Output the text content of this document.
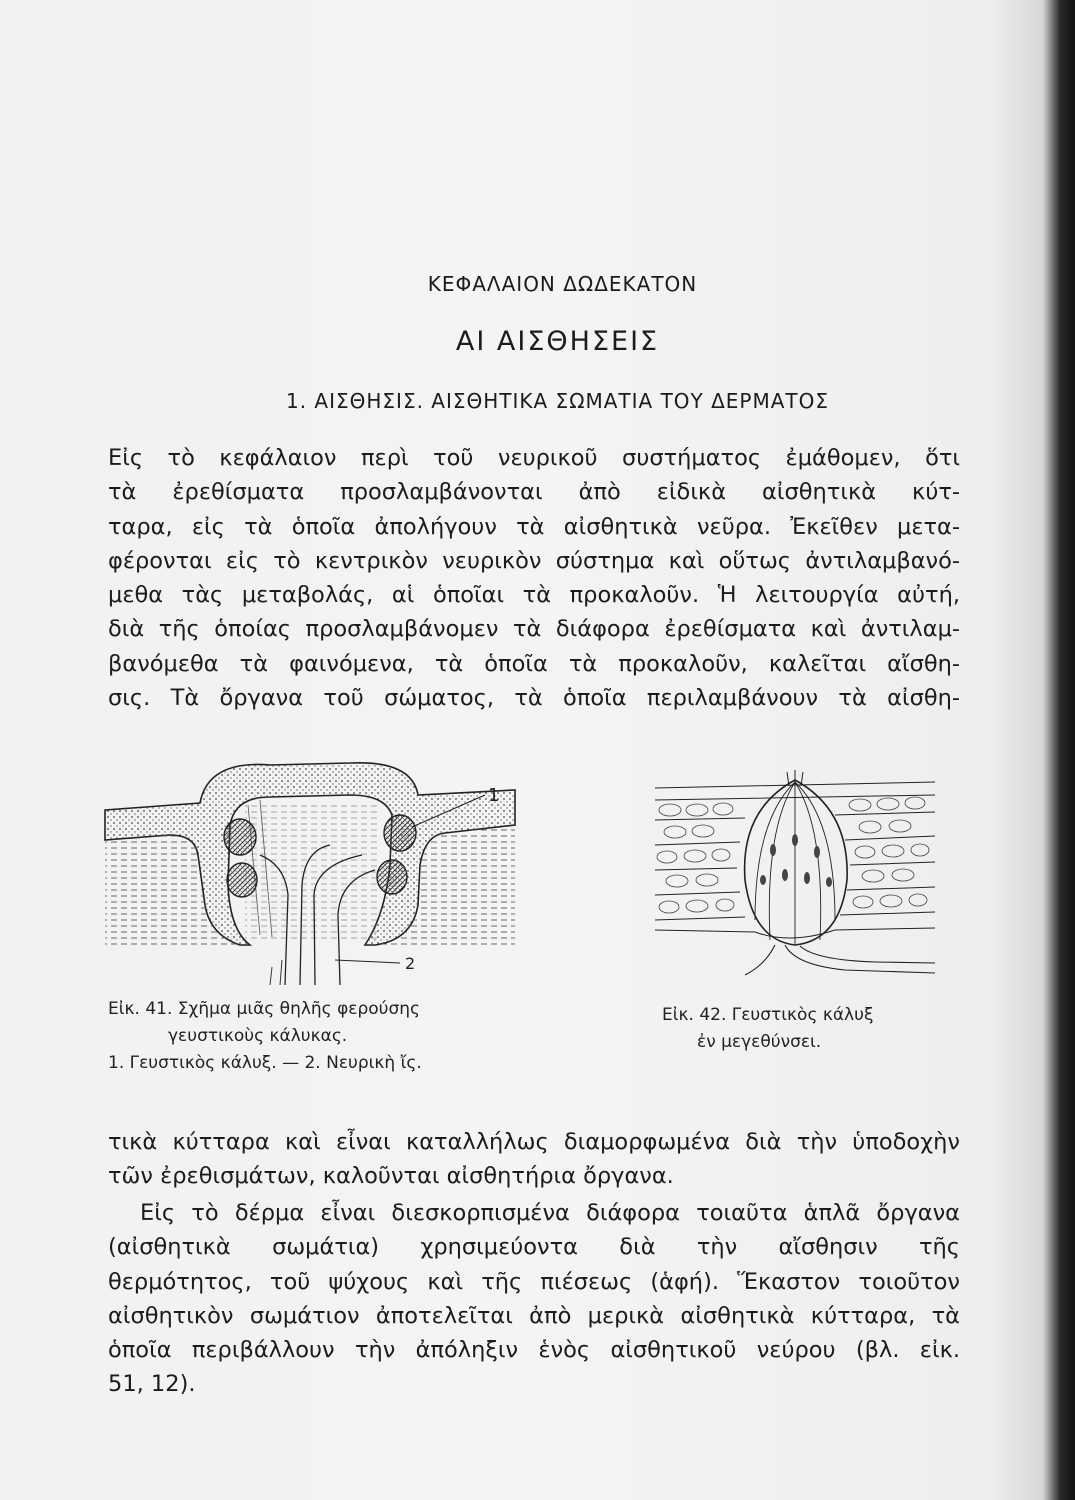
ΚΕΦΑΛΑΙΟΝ ΔΩΔΕΚΑΤΟΝ
ΑΙ ΑΙΣΘΗΣΕΙΣ
1. ΑΙΣΘΗΣΙΣ. ΑΙΣΘΗΤΙΚΑ ΣΩΜΑΤΙΑ ΤΟΥ ΔΕΡΜΑΤΟΣ
Εἰς τὸ κεφάλαιον περὶ τοῦ νευρικοῦ συστήματος ἐμάθομεν, ὅτι
τὰ ἐρεθίσματα προσλαμβάνονται ἀπὸ εἰδικὰ αἰσθητικὰ κύτ-
ταρα, εἰς τὰ ὁποῖα ἀπολήγουν τὰ αἰσθητικὰ νεῦρα. Ἐκεῖθεν μετα-
φέρονται εἰς τὸ κεντρικὸν νευρικὸν σύστημα καὶ οὕτως ἀντιλαμβανό-
μεθα τὰς μεταβολάς, αἱ ὁποῖαι τὰ προκαλοῦν. Ἡ λειτουργία αὐτή,
διὰ τῆς ὁποίας προσλαμβάνομεν τὰ διάφορα ἐρεθίσματα καὶ ἀντιλαμ-
βανόμεθα τὰ φαινόμενα, τὰ ὁποῖα τὰ προκαλοῦν, καλεῖται αἴσθη-
σις. Τὰ ὄργανα τοῦ σώματος, τὰ ὁποῖα περιλαμβάνουν τὰ αἰσθη-
1
2
Εἰκ. 41. Σχῆμα μιᾶς θηλῆς φερούσης
γευστικοὺς κάλυκας.
1. Γευστικὸς κάλυξ. — 2. Νευρικὴ ἴς.
Εἰκ. 42. Γευστικὸς κάλυξ
ἐν μεγεθύνσει.
τικὰ κύτταρα καὶ εἶναι καταλλήλως διαμορφωμένα διὰ τὴν ὑποδοχὴν
τῶν ἐρεθισμάτων, καλοῦνται αἰσθητήρια ὄργανα.
Εἰς τὸ δέρμα εἶναι διεσκορπισμένα διάφορα τοιαῦτα ἁπλᾶ ὄργανα
(αἰσθητικὰ σωμάτια) χρησιμεύοντα διὰ τὴν αἴσθησιν τῆς
θερμότητος, τοῦ ψύχους καὶ τῆς πιέσεως (ἁφή). Ἕκαστον τοιοῦτον
αἰσθητικὸν σωμάτιον ἀποτελεῖται ἀπὸ μερικὰ αἰσθητικὰ κύτταρα, τὰ
ὁποῖα περιβάλλουν τὴν ἀπόληξιν ἑνὸς αἰσθητικοῦ νεύρου (βλ. εἰκ.
51, 12).
